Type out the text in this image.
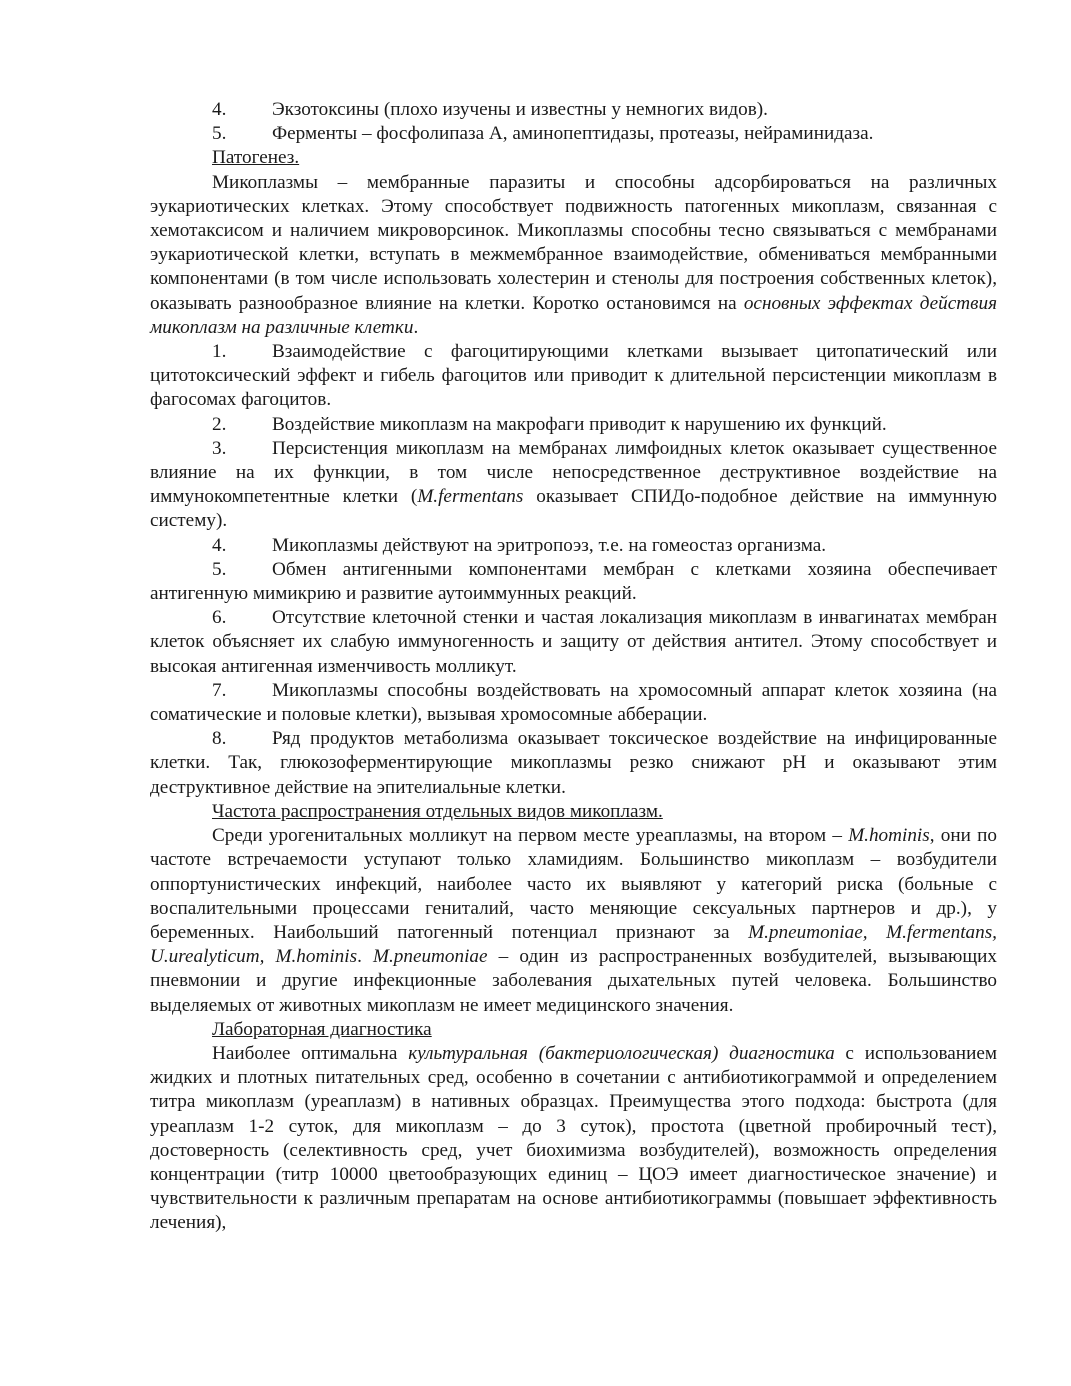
4. Экзотоксины (плохо изучены и известны у немногих видов).

5. Ферменты – фосфолипаза А, аминопептидазы, протеазы, нейраминидаза.

Патогенез.

Микоплазмы – мембранные паразиты и способны адсорбироваться на различных эукариотических клетках. Этому способствует подвижность патогенных микоплазм, связанная с хемотаксисом и наличием микроворсинок. Микоплазмы способны тесно связываться с мембранами эукариотической клетки, вступать в межмембранное взаимодействие, обмениваться мембранными компонентами (в том числе использовать холестерин и стенолы для построения собственных клеток), оказывать разнообразное влияние на клетки. Коротко остановимся на основных эффектах действия микоплазм на различные клетки.

1. Взаимодействие с фагоцитирующими клетками вызывает цитопатический или цитотоксический эффект и гибель фагоцитов или приводит к длительной персистенции микоплазм в фагосомах фагоцитов.

2. Воздействие микоплазм на макрофаги приводит к нарушению их функций.

3. Персистенция микоплазм на мембранах лимфоидных клеток оказывает существенное влияние на их функции, в том числе непосредственное деструктивное воздействие на иммунокомпетентные клетки (M.fermentans оказывает СПИДо-подобное действие на иммунную систему).

4. Микоплазмы действуют на эритропоэз, т.е. на гомеостаз организма.

5. Обмен антигенными компонентами мембран с клетками хозяина обеспечивает антигенную мимикрию и развитие аутоиммунных реакций.

6. Отсутствие клеточной стенки и частая локализация микоплазм в инвагинатах мембран клеток объясняет их слабую иммуногенность и защиту от действия антител. Этому способствует и высокая антигенная изменчивость молликут.

7. Микоплазмы способны воздействовать на хромосомный аппарат клеток хозяина (на соматические и половые клетки), вызывая хромосомные абберации.

8. Ряд продуктов метаболизма оказывает токсическое воздействие на инфицированные клетки. Так, глюкозоферментирующие микоплазмы резко снижают рН и оказывают этим деструктивное действие на эпителиальные клетки.

Частота распространения отдельных видов микоплазм.

Среди урогенитальных молликут на первом месте уреаплазмы, на втором – M.hominis, они по частоте встречаемости уступают только хламидиям. Большинство микоплазм – возбудители оппортунистических инфекций, наиболее часто их выявляют у категорий риска (больные с воспалительными процессами гениталий, часто меняющие сексуальных партнеров и др.), у беременных. Наибольший патогенный потенциал признают за M.pneumoniae, M.fermentans, U.urealyticum, M.hominis. M.pneumoniae – один из распространенных возбудителей, вызывающих пневмонии и другие инфекционные заболевания дыхательных путей человека. Большинство выделяемых от животных микоплазм не имеет медицинского значения.

Лабораторная диагностика

Наиболее оптимальна культуральная (бактериологическая) диагностика с использованием жидких и плотных питательных сред, особенно в сочетании с антибиотикограммой и определением титра микоплазм (уреаплазм) в нативных образцах. Преимущества этого подхода: быстрота (для уреаплазм 1-2 суток, для микоплазм – до 3 суток), простота (цветной пробирочный тест), достоверность (селективность сред, учет биохимизма возбудителей), возможность определения концентрации (титр 10000 цветообразующих единиц – ЦОЭ имеет диагностическое значение) и чувствительности к различным препаратам на основе антибиотикограммы (повышает эффективность лечения),
